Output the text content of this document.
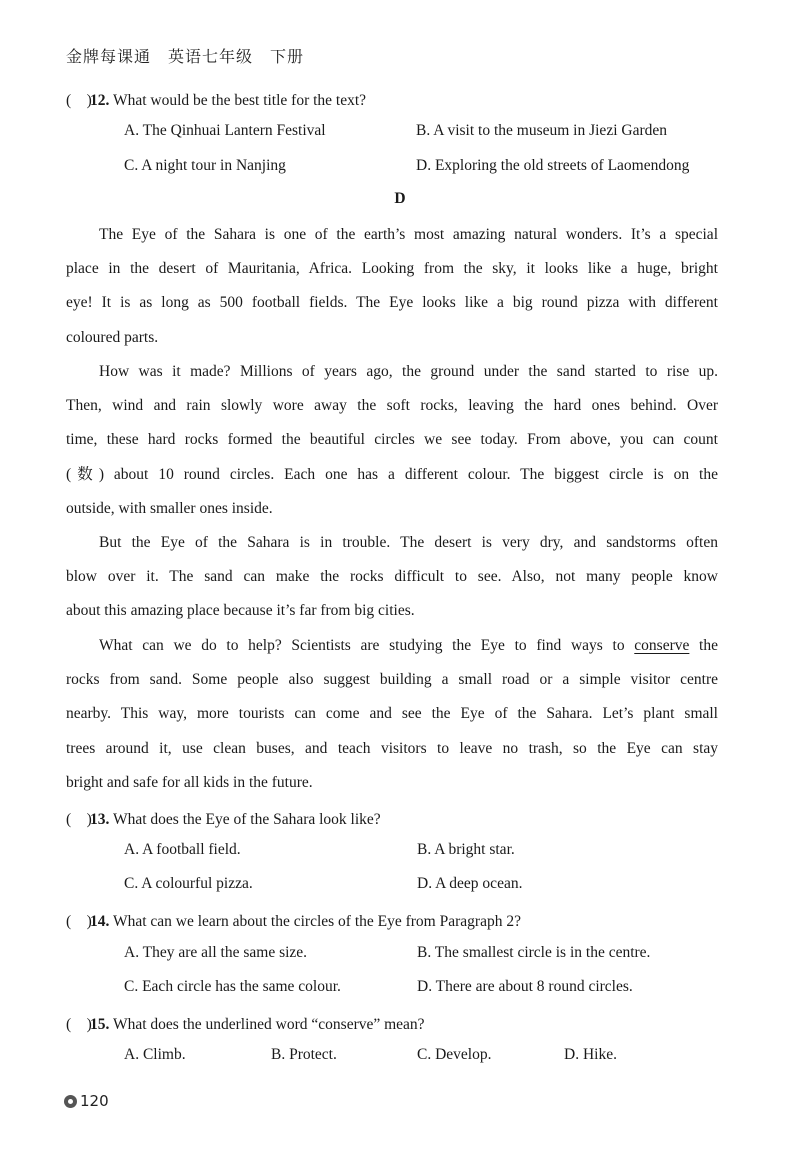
金牌每课通　英语七年级　下册
(　)12. What would be the best title for the text?
A. The Qinhuai Lantern Festival	B. A visit to the museum in Jiezi Garden
C. A night tour in Nanjing	D. Exploring the old streets of Laomendong
D
The Eye of the Sahara is one of the earth’s most amazing natural wonders. It’s a special
place in the desert of Mauritania, Africa. Looking from the sky, it looks like a huge, bright
eye! It is as long as 500 football fields. The Eye looks like a big round pizza with different
coloured parts.
How was it made? Millions of years ago, the ground under the sand started to rise up.
Then, wind and rain slowly wore away the soft rocks, leaving the hard ones behind. Over
time, these hard rocks formed the beautiful circles we see today. From above, you can count
(数) about 10 round circles. Each one has a different colour. The biggest circle is on the
outside, with smaller ones inside.
But the Eye of the Sahara is in trouble. The desert is very dry, and sandstorms often
blow over it. The sand can make the rocks difficult to see. Also, not many people know
about this amazing place because it’s far from big cities.
What can we do to help? Scientists are studying the Eye to find ways to conserve the
rocks from sand. Some people also suggest building a small road or a simple visitor centre
nearby. This way, more tourists can come and see the Eye of the Sahara. Let’s plant small
trees around it, use clean buses, and teach visitors to leave no trash, so the Eye can stay
bright and safe for all kids in the future.
(　)13. What does the Eye of the Sahara look like?
A. A football field.	B. A bright star.
C. A colourful pizza.	D. A deep ocean.
(　)14. What can we learn about the circles of the Eye from Paragraph 2?
A. They are all the same size.	B. The smallest circle is in the centre.
C. Each circle has the same colour.	D. There are about 8 round circles.
(　)15. What does the underlined word “conserve” mean?
A. Climb.	B. Protect.	C. Develop.	D. Hike.
120
